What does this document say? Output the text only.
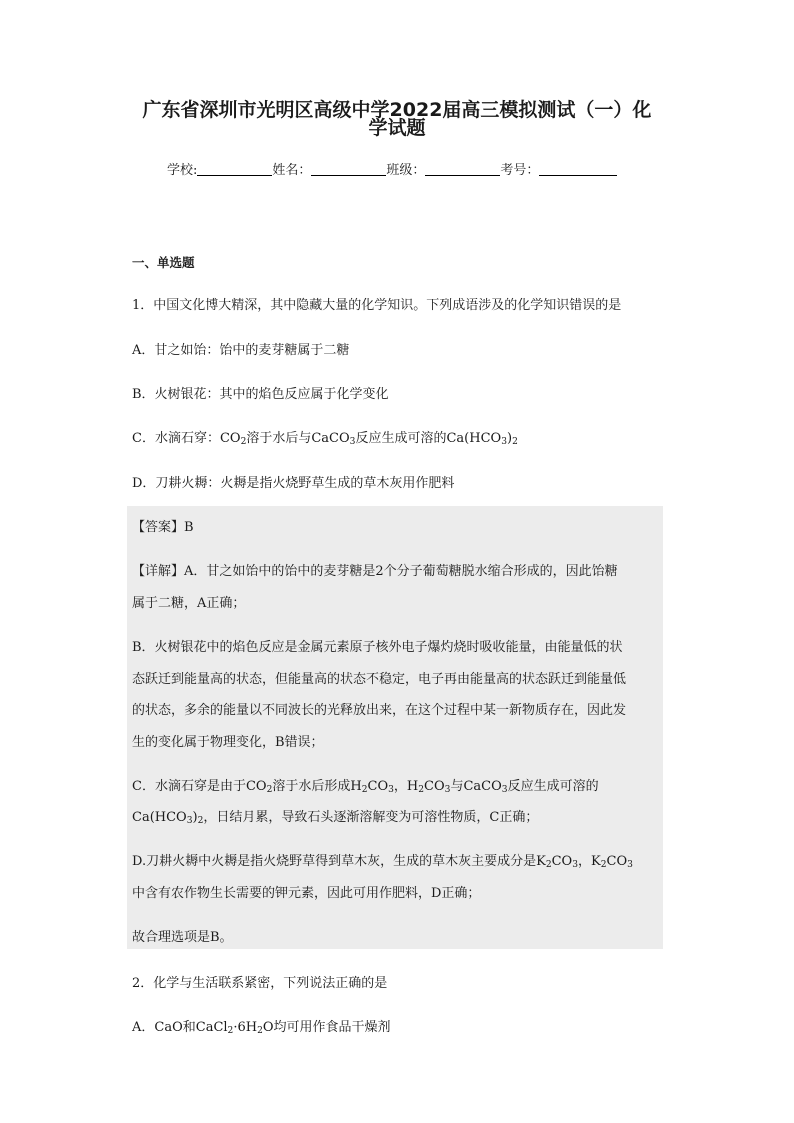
广东省深圳市光明区高级中学2022届高三模拟测试（一）化
学试题
学校:	姓名：	班级：	考号：
一、单选题
1．中国文化博大精深，其中隐藏大量的化学知识。下列成语涉及的化学知识错误的是
A．甘之如饴：饴中的麦芽糖属于二糖
B．火树银花：其中的焰色反应属于化学变化
C．水滴石穿：$CO_2$溶于水后与CaCO$_3$反应生成可溶的$Ca(HCO_3)_2$
D．刀耕火耨：火耨是指火烧野草生成的草木灰用作肥料
【答案】B
【详解】A．甘之如饴中的饴中的麦芽糖是2个分子葡萄糖脱水缩合形成的，因此饴糖
属于二糖，A正确；
B．火树银花中的焰色反应是金属元素原子核外电子爆灼烧时吸收能量，由能量低的状
态跃迁到能量高的状态，但能量高的状态不稳定，电子再由能量高的状态跃迁到能量低
的状态，多余的能量以不同波长的光释放出来，在这个过程中某一新物质存在，因此发
生的变化属于物理变化，B错误；
C．水滴石穿是由于$CO_2$溶于水后形成$H_2CO_3$，$H_2CO_3$与CaCO$_3$反应生成可溶的
$Ca(HCO_3)_2$，日结月累，导致石头逐渐溶解变为可溶性物质，C正确；
D.刀耕火耨中火耨是指火烧野草得到草木灰，生成的草木灰主要成分是$K_2CO_3$，$K_2CO_3$
中含有农作物生长需要的钾元素，因此可用作肥料，D正确；
故合理选项是B。
2．化学与生活联系紧密，下列说法正确的是
A．CaO和$CaCl_2\cdot 6H_2O$均可用作食品干燥剂
